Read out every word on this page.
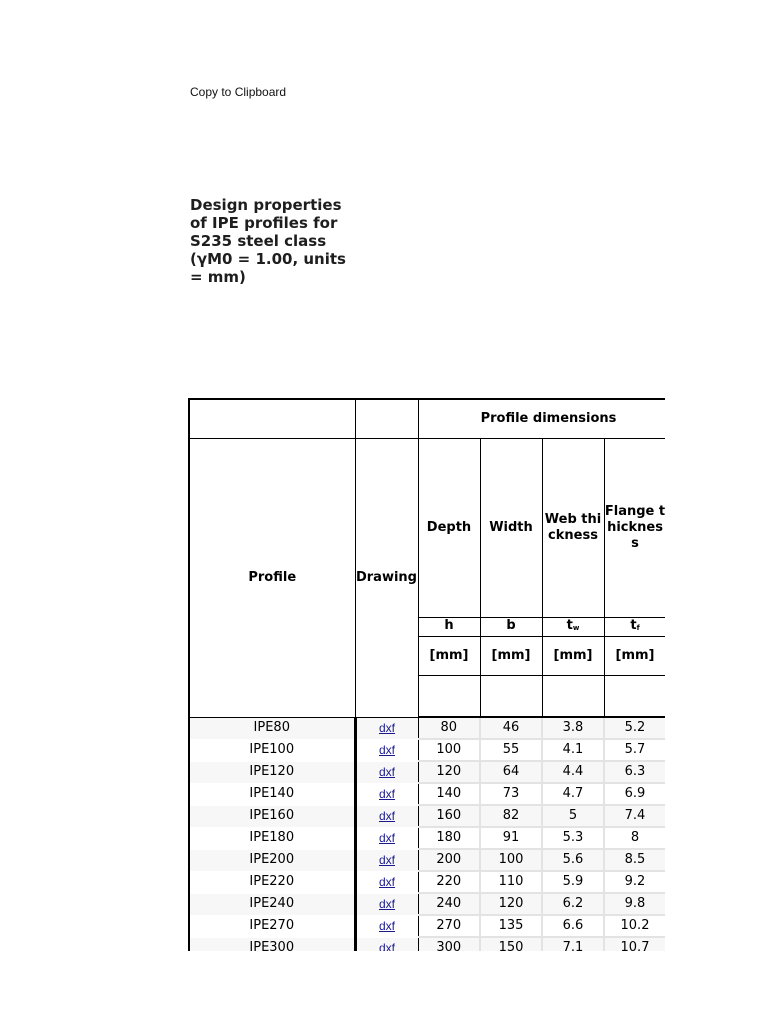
Copy to Clipboard
Design properties of IPE profiles for S235 steel class (γM0 = 1.00, units = mm)
		Profile dimensions				
Profile	Drawing	Depth	Width	Web thickness	Flange thickness	
		h	b	$t_w$	$t_f$	
		[mm]	[mm]	[mm]	[mm]	

IPE80	dxf	80	46	3.8	5.2	
IPE100	dxf	100	55	4.1	5.7	
IPE120	dxf	120	64	4.4	6.3	
IPE140	dxf	140	73	4.7	6.9	
IPE160	dxf	160	82	5	7.4	
IPE180	dxf	180	91	5.3	8	
IPE200	dxf	200	100	5.6	8.5	
IPE220	dxf	220	110	5.9	9.2	
IPE240	dxf	240	120	6.2	9.8	
IPE270	dxf	270	135	6.6	10.2	
IPE300	dxf	300	150	7.1	10.7	
